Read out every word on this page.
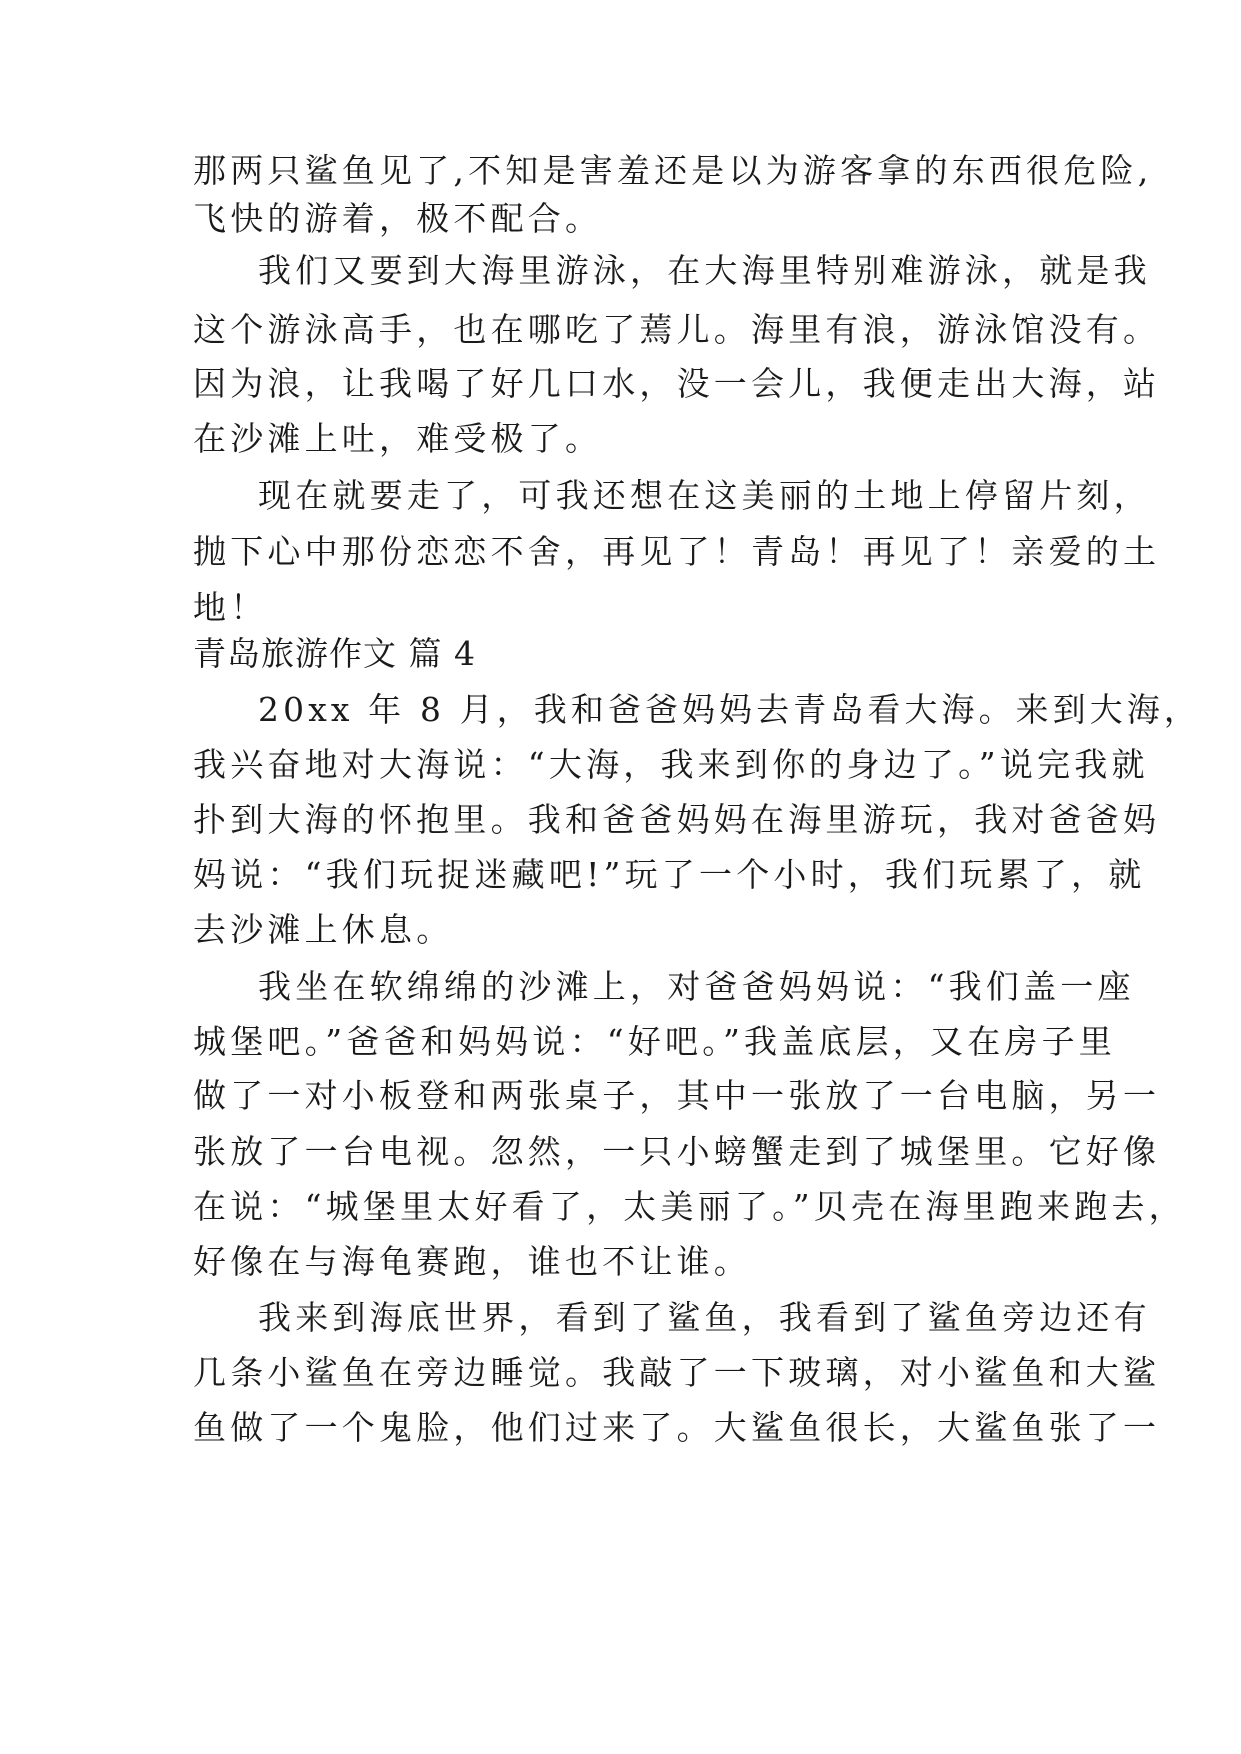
那两只鲨鱼见了,不知是害羞还是以为游客拿的东西很危险,
飞快的游着，极不配合。
我们又要到大海里游泳，在大海里特别难游泳，就是我
这个游泳高手，也在哪吃了蔫儿。海里有浪，游泳馆没有。
因为浪，让我喝了好几口水，没一会儿，我便走出大海，站
在沙滩上吐，难受极了。
现在就要走了，可我还想在这美丽的土地上停留片刻，
抛下心中那份恋恋不舍，再见了！青岛！再见了！亲爱的土
地！
青岛旅游作文 篇 4
20xx 年 8 月，我和爸爸妈妈去青岛看大海。来到大海，
我兴奋地对大海说：“大海，我来到你的身边了。”说完我就
扑到大海的怀抱里。我和爸爸妈妈在海里游玩，我对爸爸妈
妈说：“我们玩捉迷藏吧!”玩了一个小时，我们玩累了，就
去沙滩上休息。
我坐在软绵绵的沙滩上，对爸爸妈妈说：“我们盖一座
城堡吧。”爸爸和妈妈说：“好吧。”我盖底层，又在房子里
做了一对小板登和两张桌子，其中一张放了一台电脑，另一
张放了一台电视。忽然，一只小螃蟹走到了城堡里。它好像
在说：“城堡里太好看了，太美丽了。”贝壳在海里跑来跑去，
好像在与海龟赛跑，谁也不让谁。
我来到海底世界，看到了鲨鱼，我看到了鲨鱼旁边还有
几条小鲨鱼在旁边睡觉。我敲了一下玻璃，对小鲨鱼和大鲨
鱼做了一个鬼脸，他们过来了。大鲨鱼很长，大鲨鱼张了一
